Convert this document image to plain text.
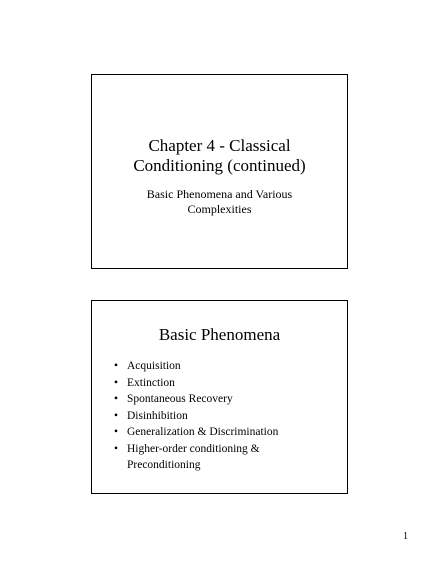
Chapter 4 - Classical
Conditioning (continued)
Basic Phenomena and Various
Complexities
Basic Phenomena
• Acquisition
• Extinction
• Spontaneous Recovery
• Disinhibition
• Generalization & Discrimination
• Higher-order conditioning &
Preconditioning
1
